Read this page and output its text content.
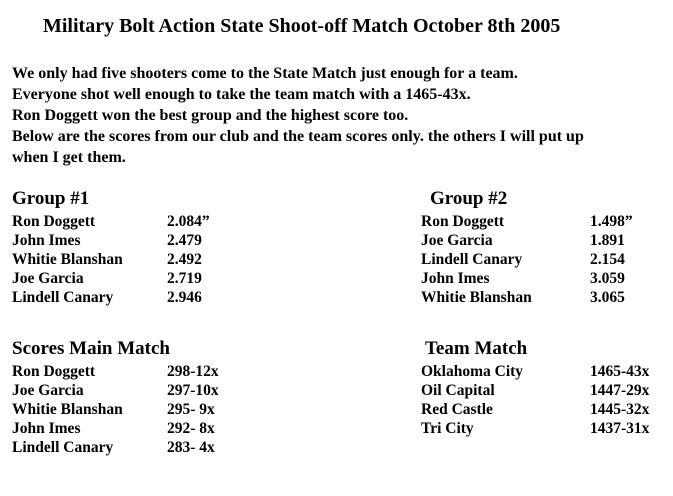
Military Bolt Action State Shoot-off Match October 8th 2005
We only had five shooters come to the State Match just enough for a team.
Everyone shot well enough to take the team match with a 1465-43x.
Ron Doggett won the best group and the highest score too.
Below are the scores from our club and the team scores only. the others I will put up
when I get them.
Group #1
Ron Doggett	2.084”
John Imes	2.479
Whitie Blanshan	2.492
Joe Garcia	2.719
Lindell Canary	2.946
Group #2
Ron Doggett	1.498”
Joe Garcia	1.891
Lindell Canary	2.154
John Imes	3.059
Whitie Blanshan	3.065
Scores Main Match
Ron Doggett	298-12x
Joe Garcia	297-10x
Whitie Blanshan	295- 9x
John Imes	292- 8x
Lindell Canary	283- 4x
Team Match
Oklahoma City	1465-43x
Oil Capital	1447-29x
Red Castle	1445-32x
Tri City	1437-31x
